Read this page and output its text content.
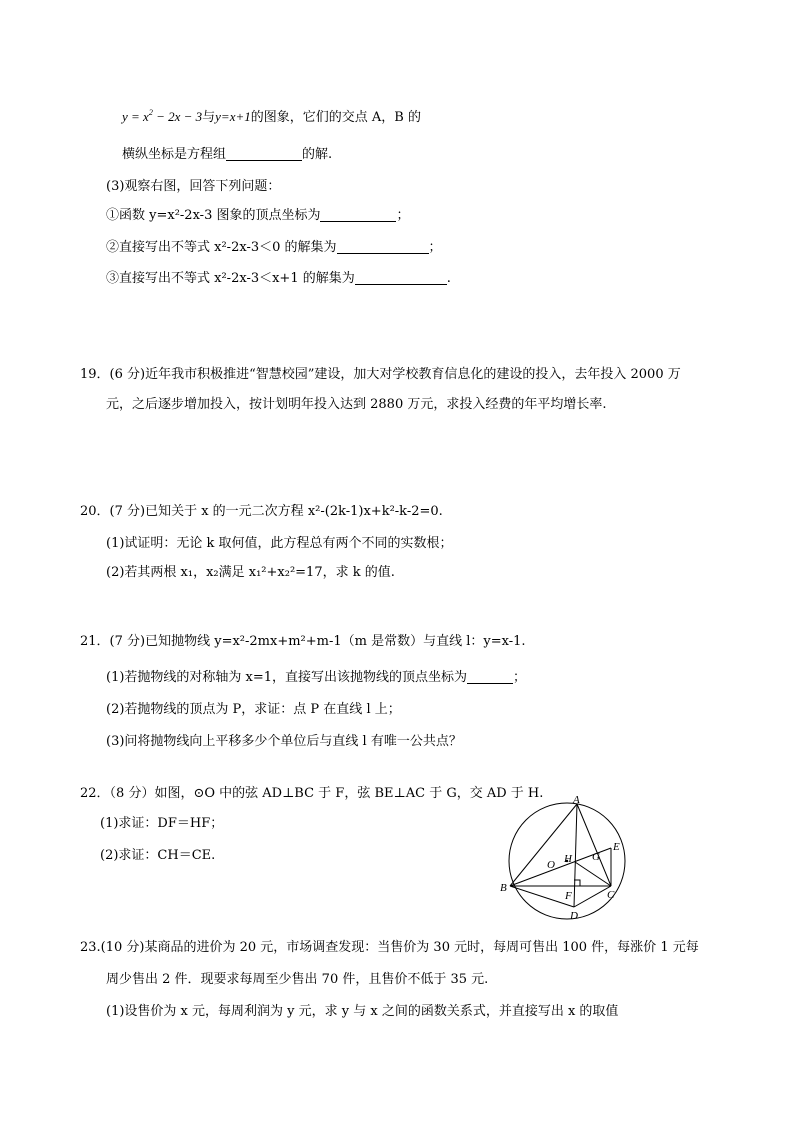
$y = x^2 - 2x - 3$与y=x+1的图象，它们的交点 A，B 的
横纵坐标是方程组	的解.
(3)观察右图，回答下列问题：
①函数 y=x²-2x-3 图象的顶点坐标为	；
②直接写出不等式 x²-2x-3＜0 的解集为	；
③直接写出不等式 x²-2x-3＜x+1 的解集为	.
19．(6 分)近年我市积极推进“智慧校园”建设，加大对学校教育信息化的建设的投入，去年投入 2000 万
元，之后逐步增加投入，按计划明年投入达到 2880 万元，求投入经费的年平均增长率.
20．(7 分)已知关于 x 的一元二次方程 x²-(2k-1)x+k²-k-2=0.
(1)试证明：无论 k 取何值，此方程总有两个不同的实数根；
(2)若其两根 x₁，x₂满足 x₁²+x₂²=17，求 k 的值.
21．(7 分)已知抛物线 y=x²-2mx+m²+m-1（m 是常数）与直线 l：y=x-1.
(1)若抛物线的对称轴为 x=1，直接写出该抛物线的顶点坐标为	；
(2)若抛物线的顶点为 P，求证：点 P 在直线 l 上；
(3)问将抛物线向上平移多少个单位后与直线 l 有唯一公共点？
22．（8 分）如图，⊙O 中的弦 AD⊥BC 于 F，弦 BE⊥AC 于 G，交 AD 于 H.
(1)求证：DF＝HF；
(2)求证：CH＝CE.
A
B
C
D
E
F
G
H
O
23.(10 分)某商品的进价为 20 元，市场调查发现：当售价为 30 元时，每周可售出 100 件，每涨价 1 元每
周少售出 2 件．现要求每周至少售出 70 件，且售价不低于 35 元.
(1)设售价为 x 元，每周利润为 y 元，求 y 与 x 之间的函数关系式，并直接写出 x 的取值
